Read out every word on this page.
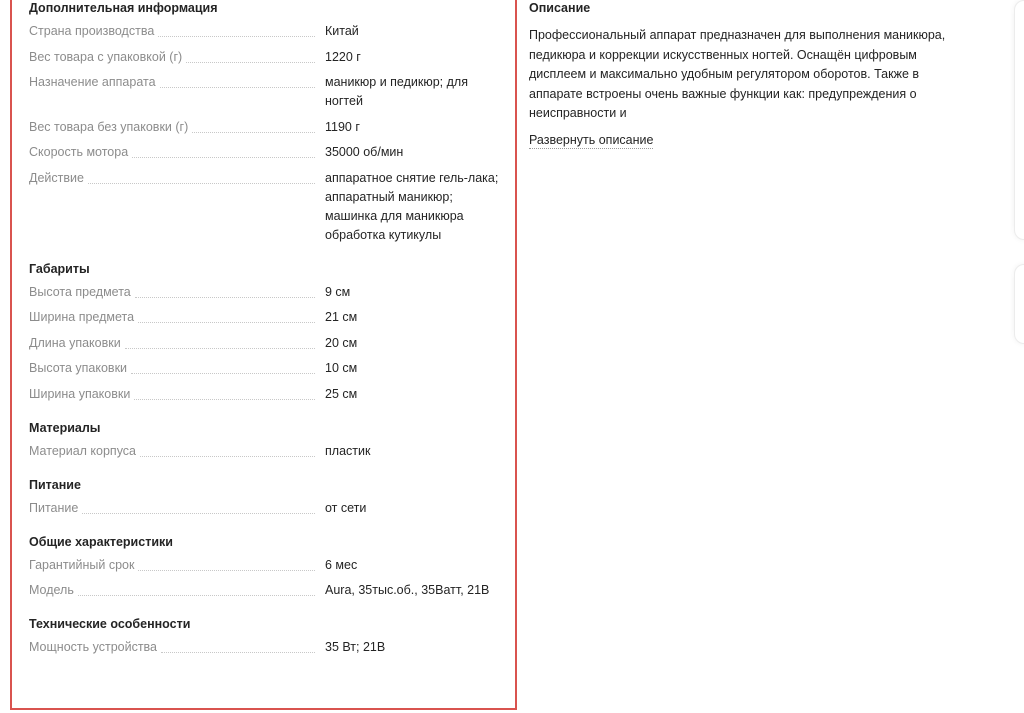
Дополнительная информация
Страна производства	Китай
Вес товара с упаковкой (г)	1220 г
Назначение аппарата	маникюр и педикюр; для ногтей
Вес товара без упаковки (г)	1190 г
Скорость мотора	35000 об/мин
Действие	аппаратное снятие гель-лака; аппаратный маникюр; машинка для маникюра обработка кутикулы
Габариты
Высота предмета	9 см
Ширина предмета	21 см
Длина упаковки	20 см
Высота упаковки	10 см
Ширина упаковки	25 см
Материалы
Материал корпуса	пластик
Питание
Питание	от сети
Общие характеристики
Гарантийный срок	6 мес
Модель	Aura, 35тыс.об., 35Ватт, 21В
Технические особенности
Мощность устройства	35 Вт; 21В
Описание
Профессиональный аппарат предназначен для выполнения маникюра, педикюра и коррекции искусственных ногтей. Оснащён цифровым дисплеем и максимально удобным регулятором оборотов. Также в аппарате встроены очень важные функции как: предупреждения о неисправности и
Развернуть описание
